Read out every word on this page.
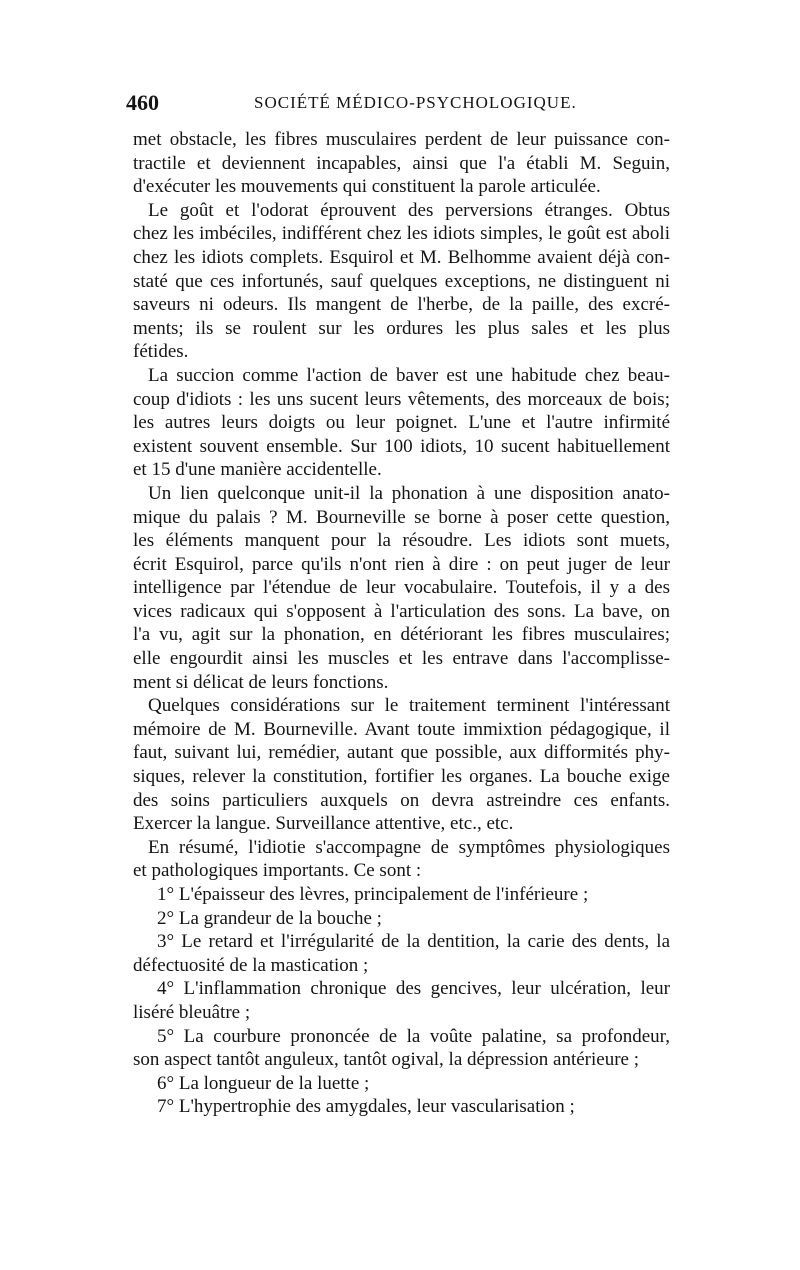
460	SOCIÉTÉ MÉDICO-PSYCHOLOGIQUE.
met obstacle, les fibres musculaires perdent de leur puissance con-
tractile et deviennent incapables, ainsi que l'a établi M. Seguin,
d'exécuter les mouvements qui constituent la parole articulée.
Le goût et l'odorat éprouvent des perversions étranges. Obtus
chez les imbéciles, indifférent chez les idiots simples, le goût est aboli
chez les idiots complets. Esquirol et M. Belhomme avaient déjà con-
staté que ces infortunés, sauf quelques exceptions, ne distinguent ni
saveurs ni odeurs. Ils mangent de l'herbe, de la paille, des excré-
ments; ils se roulent sur les ordures les plus sales et les plus
fétides.
La succion comme l'action de baver est une habitude chez beau-
coup d'idiots : les uns sucent leurs vêtements, des morceaux de bois;
les autres leurs doigts ou leur poignet. L'une et l'autre infirmité
existent souvent ensemble. Sur 100 idiots, 10 sucent habituellement
et 15 d'une manière accidentelle.
Un lien quelconque unit-il la phonation à une disposition anato-
mique du palais ? M. Bourneville se borne à poser cette question,
les éléments manquent pour la résoudre. Les idiots sont muets,
écrit Esquirol, parce qu'ils n'ont rien à dire : on peut juger de leur
intelligence par l'étendue de leur vocabulaire. Toutefois, il y a des
vices radicaux qui s'opposent à l'articulation des sons. La bave, on
l'a vu, agit sur la phonation, en détériorant les fibres musculaires;
elle engourdit ainsi les muscles et les entrave dans l'accomplisse-
ment si délicat de leurs fonctions.
Quelques considérations sur le traitement terminent l'intéressant
mémoire de M. Bourneville. Avant toute immixtion pédagogique, il
faut, suivant lui, remédier, autant que possible, aux difformités phy-
siques, relever la constitution, fortifier les organes. La bouche exige
des soins particuliers auxquels on devra astreindre ces enfants.
Exercer la langue. Surveillance attentive, etc., etc.
En résumé, l'idiotie s'accompagne de symptômes physiologiques
et pathologiques importants. Ce sont :
1° L'épaisseur des lèvres, principalement de l'inférieure ;
2° La grandeur de la bouche ;
3° Le retard et l'irrégularité de la dentition, la carie des dents, la
défectuosité de la mastication ;
4° L'inflammation chronique des gencives, leur ulcération, leur
liséré bleuâtre ;
5° La courbure prononcée de la voûte palatine, sa profondeur,
son aspect tantôt anguleux, tantôt ogival, la dépression antérieure ;
6° La longueur de la luette ;
7° L'hypertrophie des amygdales, leur vascularisation ;
